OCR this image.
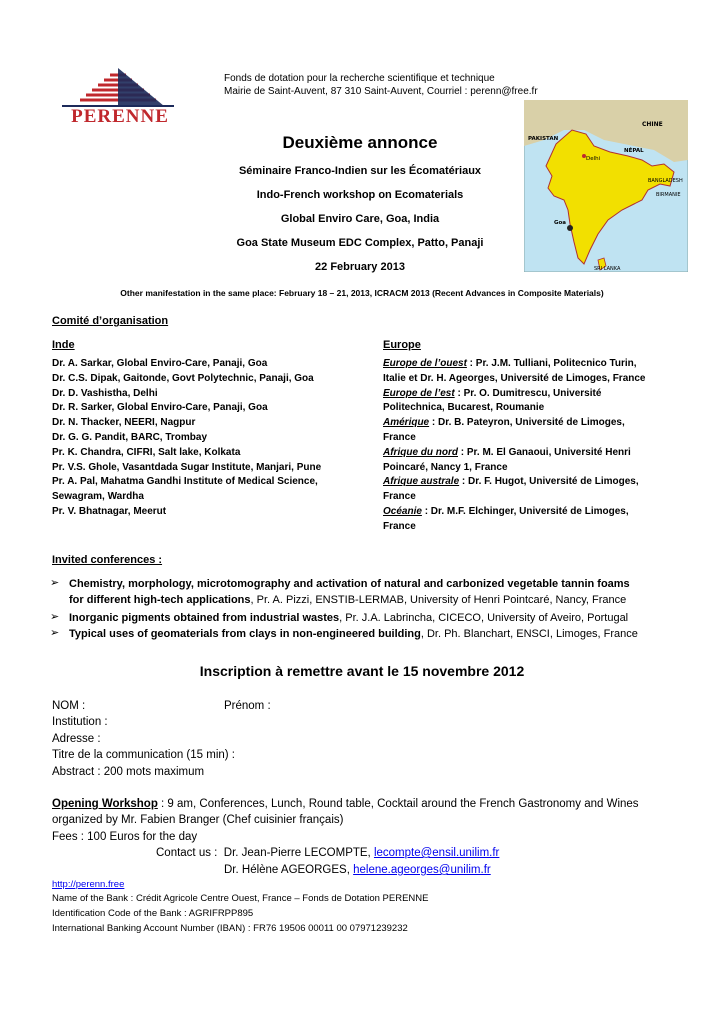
PERENNE
Fonds de dotation pour la recherche scientifique et technique
Mairie de Saint-Auvent, 87 310 Saint-Auvent, Courriel : perenn@free.fr
Deuxième annonce
Séminaire Franco-Indien sur les Écomatériaux
Indo-French workshop on Ecomaterials
Global Enviro Care, Goa, India
Goa State Museum EDC Complex, Patto, Panaji
22 February 2013
CHINE
PAKISTAN
NÉPAL
Delhi
Goa
BANGLADESH
BIRMANIE
SRI LANKA
Other manifestation in the same place: February 18 – 21, 2013, ICRACM 2013 (Recent Advances in Composite Materials)
Comité d’organisation
Inde
Dr. A. Sarkar, Global Enviro-Care, Panaji, Goa
Dr. C.S. Dipak, Gaitonde, Govt Polytechnic, Panaji, Goa
Dr. D. Vashistha, Delhi
Dr. R. Sarker, Global Enviro-Care, Panaji, Goa
Dr. N. Thacker, NEERI, Nagpur
Dr. G. G. Pandit, BARC, Trombay
Pr. K. Chandra, CIFRI, Salt lake, Kolkata
Pr. V.S. Ghole, Vasantdada Sugar Institute, Manjari, Pune
Pr. A. Pal, Mahatma Gandhi Institute of Medical Science,
Sewagram, Wardha
Pr. V. Bhatnagar, Meerut
Europe
Europe de l’ouest : Pr. J.M. Tulliani, Politecnico Turin,
Italie et Dr. H. Ageorges, Université de Limoges, France
Europe de l’est : Pr. O. Dumitrescu, Université
Politechnica, Bucarest, Roumanie
Amérique : Dr. B. Pateyron, Université de Limoges,
France
Afrique du nord : Pr. M. El Ganaoui, Université Henri
Poincaré, Nancy 1, France
Afrique australe : Dr. F. Hugot, Université de Limoges,
France
Océanie : Dr. M.F. Elchinger, Université de Limoges,
France
Invited conferences :
➢ Chemistry, morphology, microtomography and activation of natural and carbonized vegetable tannin foams
for different high-tech applications, Pr. A. Pizzi, ENSTIB-LERMAB, University of Henri Pointcaré, Nancy, France
➢ Inorganic pigments obtained from industrial wastes, Pr. J.A. Labrincha, CICECO, University of Aveiro, Portugal
➢ Typical uses of geomaterials from clays in non-engineered building, Dr. Ph. Blanchart, ENSCI, Limoges, France
Inscription à remettre avant le 15 novembre 2012
NOM :	Prénom :
Institution :
Adresse :
Titre de la communication (15 min) :
Abstract : 200 mots maximum
Opening Workshop : 9 am, Conferences, Lunch, Round table, Cocktail around the French Gastronomy and Wines
organized by Mr. Fabien Branger (Chef cuisinier français)
Fees : 100 Euros for the day
Contact us : Dr. Jean-Pierre LECOMPTE, lecompte@ensil.unilim.fr
Dr. Hélène AGEORGES, helene.ageorges@unilim.fr
http://perenn.free
Name of the Bank : Crédit Agricole Centre Ouest, France – Fonds de Dotation PERENNE
Identification Code of the Bank : AGRIFRPP895
International Banking Account Number (IBAN) : FR76 19506 00011 00 07971239232
